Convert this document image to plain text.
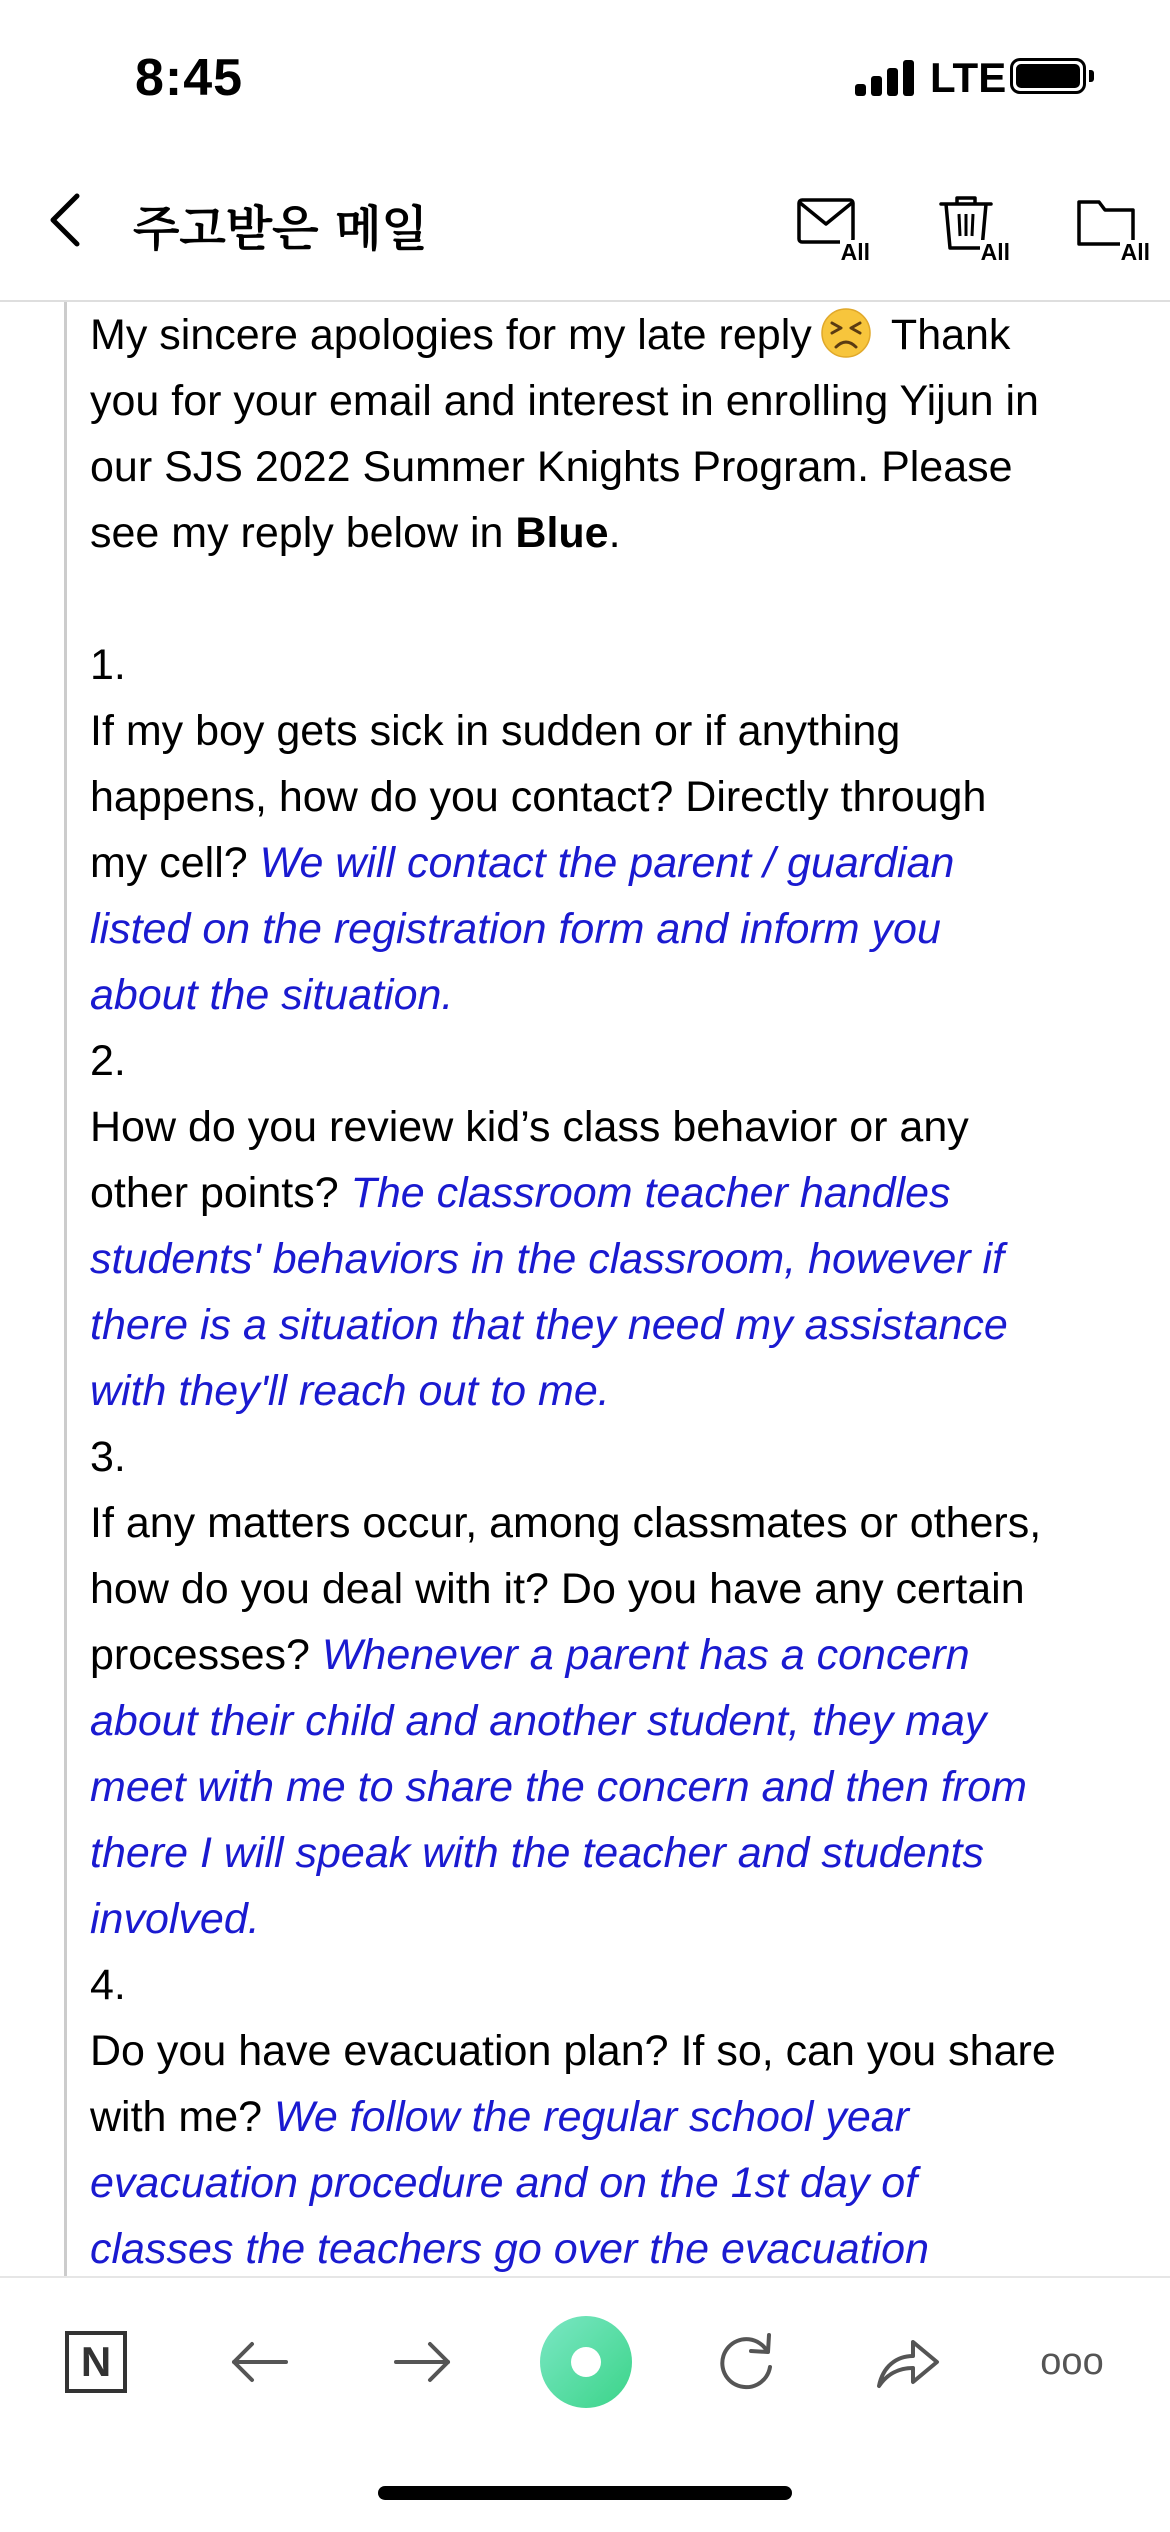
8:45	LTE
주고받은 메일	All	All	All
My sincere apologies for my late reply Thank
you for your email and interest in enrolling Yijun in
our SJS 2022 Summer Knights Program. Please
see my reply below in Blue.
1.
If my boy gets sick in sudden or if anything
happens, how do you contact? Directly through
my cell? We will contact the parent / guardian
listed on the registration form and inform you
about the situation.
2.
How do you review kid’s class behavior or any
other points? The classroom teacher handles
students' behaviors in the classroom, however if
there is a situation that they need my assistance
with they'll reach out to me.
3.
If any matters occur, among classmates or others,
how do you deal with it? Do you have any certain
processes? Whenever a parent has a concern
about their child and another student, they may
meet with me to share the concern and then from
there I will speak with the teacher and students
involved.
4.
Do you have evacuation plan? If so, can you share
with me? We follow the regular school year
evacuation procedure and on the 1st day of
classes the teachers go over the evacuation
N	ooo
